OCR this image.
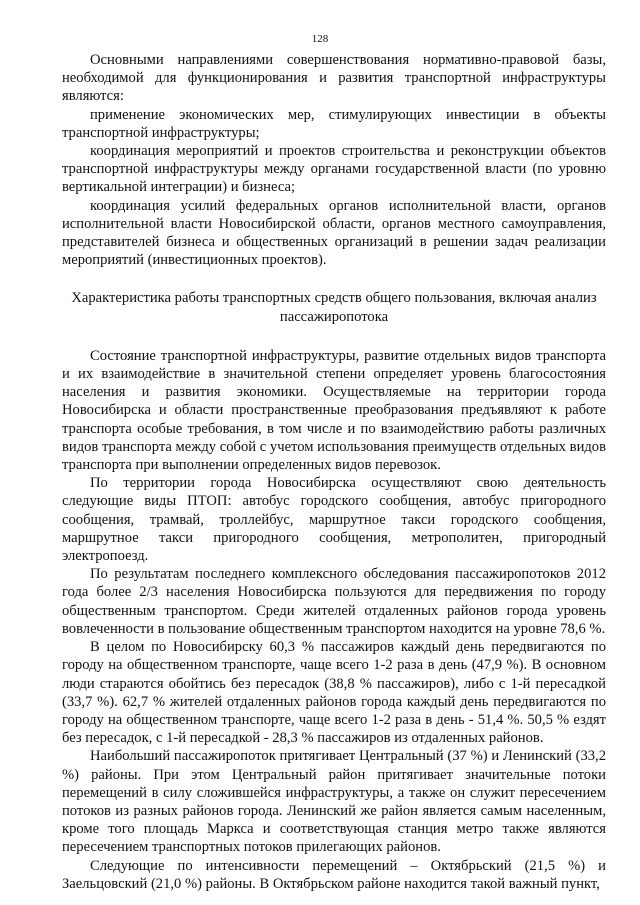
128

Основными направлениями совершенствования нормативно-правовой базы, необходимой для функционирования и развития транспортной инфраструктуры являются:

применение экономических мер, стимулирующих инвестиции в объекты транспортной инфраструктуры;

координация мероприятий и проектов строительства и реконструкции объектов транспортной инфраструктуры между органами государственной власти (по уровню вертикальной интеграции) и бизнеса;

координация усилий федеральных органов исполнительной власти, органов исполнительной власти Новосибирской области, органов местного самоуправления, представителей бизнеса и общественных организаций в решении задач реализации мероприятий (инвестиционных проектов).

Характеристика работы транспортных средств общего пользования, включая анализ пассажиропотока

Состояние транспортной инфраструктуры, развитие отдельных видов транспорта и их взаимодействие в значительной степени определяет уровень благосостояния населения и развития экономики. Осуществляемые на территории города Новосибирска и области пространственные преобразования предъявляют к работе транспорта особые требования, в том числе и по взаимодействию работы различных видов транспорта между собой с учетом использования преимуществ отдельных видов транспорта при выполнении определенных видов перевозок.

По территории города Новосибирска осуществляют свою деятельность следующие виды ПТОП: автобус городского сообщения, автобус пригородного сообщения, трамвай, троллейбус, маршрутное такси городского сообщения, маршрутное такси пригородного сообщения, метрополитен, пригородный электропоезд.

По результатам последнего комплексного обследования пассажиропотоков 2012 года более 2/3 населения Новосибирска пользуются для передвижения по городу общественным транспортом. Среди жителей отдаленных районов города уровень вовлеченности в пользование общественным транспортом находится на уровне 78,6 %.

В целом по Новосибирску 60,3 % пассажиров каждый день передвигаются по городу на общественном транспорте, чаще всего 1-2 раза в день (47,9 %). В основном люди стараются обойтись без пересадок (38,8 % пассажиров), либо с 1-й пересадкой (33,7 %). 62,7 % жителей отдаленных районов города каждый день передвигаются по городу на общественном транспорте, чаще всего 1-2 раза в день - 51,4 %. 50,5 % ездят без пересадок, с 1-й пересадкой - 28,3 % пассажиров из отдаленных районов.

Наибольший пассажиропоток притягивает Центральный (37 %) и Ленинский (33,2 %) районы. При этом Центральный район притягивает значительные потоки перемещений в силу сложившейся инфраструктуры, а также он служит пересечением потоков из разных районов города. Ленинский же район является самым населенным, кроме того площадь Маркса и соответствующая станция метро также являются пересечением транспортных потоков прилегающих районов.

Следующие по интенсивности перемещений – Октябрьский (21,5 %) и Заельцовский (21,0 %) районы. В Октябрьском районе находится такой важный пункт,
